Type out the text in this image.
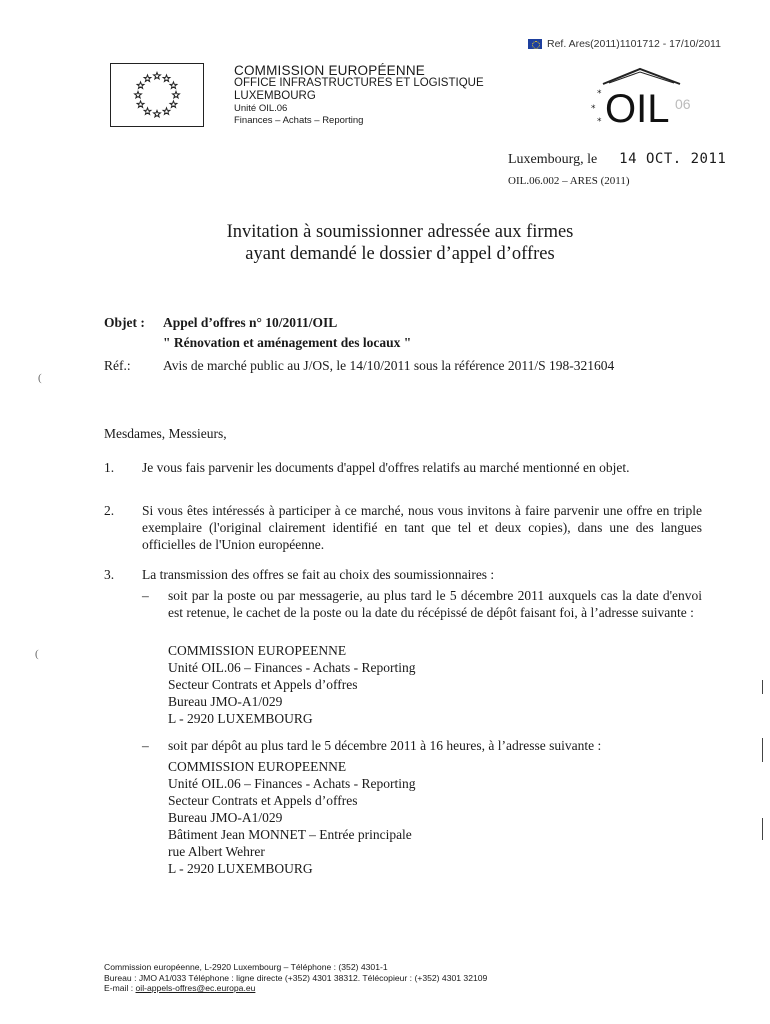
Ref. Ares(2011)1101712 - 17/10/2011
COMMISSION EUROPÉENNE
OFFICE INFRASTRUCTURES ET LOGISTIQUE
LUXEMBOURG
Unité OIL.06
Finances – Achats – Reporting
*
*
* OIL 06
Luxembourg, le 14 OCT. 2011
OIL.06.002 – ARES (2011)
Invitation à soumissionner adressée aux firmes
ayant demandé le dossier d’appel d’offres
Objet : Appel d’offres n° 10/2011/OIL
" Rénovation et aménagement des locaux "
Réf.: Avis de marché public au J/OS, le 14/10/2011 sous la référence 2011/S 198-321604
(
(
Mesdames, Messieurs,
1. Je vous fais parvenir les documents d'appel d'offres relatifs au marché mentionné en objet.
2. Si vous êtes intéressés à participer à ce marché, nous vous invitons à faire parvenir une offre en triple exemplaire (l'original clairement identifié en tant que tel et deux copies), dans une des langues officielles de l'Union européenne.
3. La transmission des offres se fait au choix des soumissionnaires :
– soit par la poste ou par messagerie, au plus tard le 5 décembre 2011 auxquels cas la date d'envoi est retenue, le cachet de la poste ou la date du récépissé de dépôt faisant foi, à l’adresse suivante :
COMMISSION EUROPEENNE
Unité OIL.06 – Finances - Achats - Reporting
Secteur Contrats et Appels d’offres
Bureau JMO-A1/029
L - 2920 LUXEMBOURG
– soit par dépôt au plus tard le 5 décembre 2011 à 16 heures, à l’adresse suivante :
COMMISSION EUROPEENNE
Unité OIL.06 – Finances - Achats - Reporting
Secteur Contrats et Appels d’offres
Bureau JMO-A1/029
Bâtiment Jean MONNET – Entrée principale
rue Albert Wehrer
L - 2920 LUXEMBOURG
Commission européenne, L-2920 Luxembourg – Téléphone : (352) 4301-1
Bureau : JMO A1/033 Téléphone : ligne directe (+352) 4301 38312. Télécopieur : (+352) 4301 32109
E-mail : oil-appels-offres@ec.europa.eu
